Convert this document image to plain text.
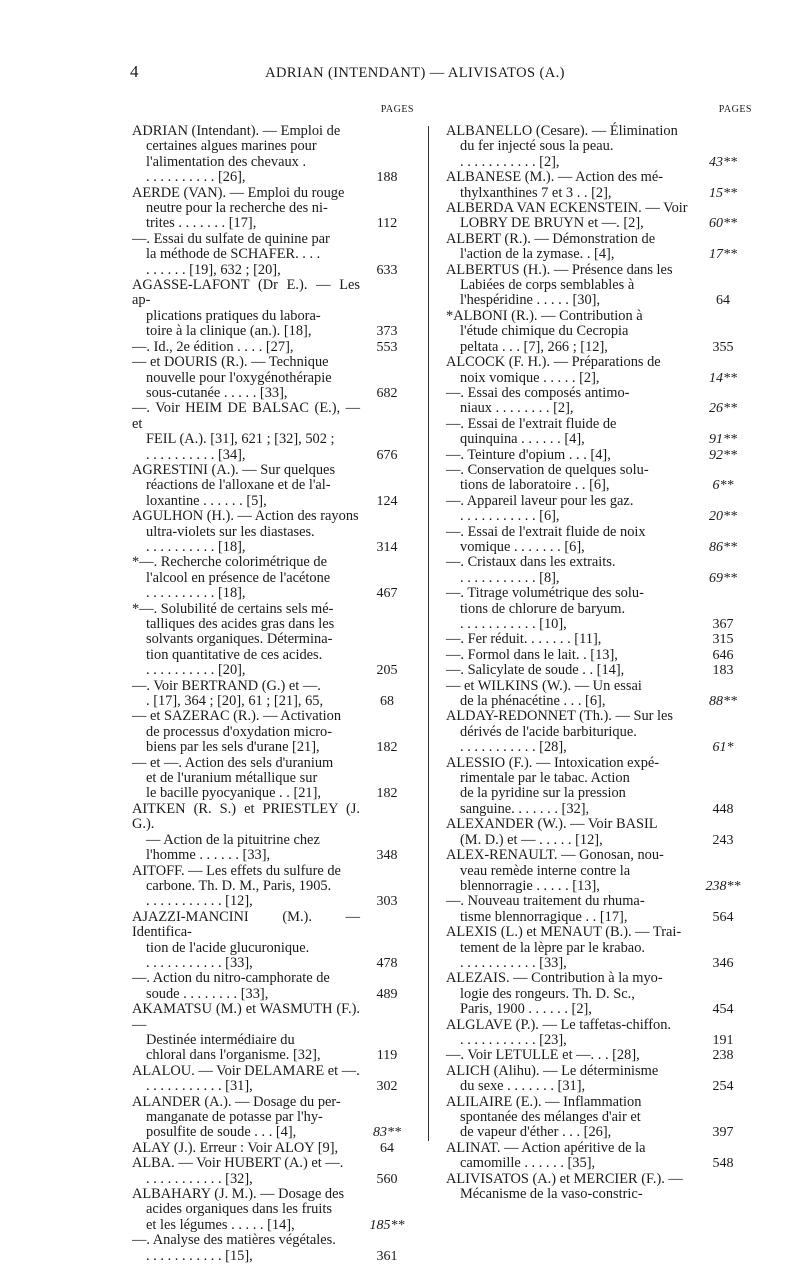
4	ADRIAN (INTENDANT) — ALIVISATOS (A.)
PAGES
ADRIAN (Intendant). — Emploi de
certaines algues marines pour
l'alimentation des chevaux .
. . . . . . . . . . [26],	188
AERDE (VAN). — Emploi du rouge
neutre pour la recherche des ni-
trites . . . . . . . [17],	112
—. Essai du sulfate de quinine par
la méthode de SCHAFER. . . .
. . . . . . [19], 632 ; [20],	633
AGASSE-LAFONT (Dr E.). — Les ap-
plications pratiques du labora-
toire à la clinique (an.). [18],	373
—. Id., 2e édition . . . . [27],	553
— et DOURIS (R.). — Technique
nouvelle pour l'oxygénothérapie
sous-cutanée . . . . . [33],	682
—. Voir HEIM DE BALSAC (E.), — et
FEIL (A.). [31], 621 ; [32], 502 ;
. . . . . . . . . . [34],	676
AGRESTINI (A.). — Sur quelques
réactions de l'alloxane et de l'al-
loxantine . . . . . . [5],	124
AGULHON (H.). — Action des rayons
ultra-violets sur les diastases.
. . . . . . . . . . [18],	314
*—. Recherche colorimétrique de
l'alcool en présence de l'acétone
. . . . . . . . . . [18],	467
*—. Solubilité de certains sels mé-
talliques des acides gras dans les
solvants organiques. Détermina-
tion quantitative de ces acides.
. . . . . . . . . . [20],	205
—. Voir BERTRAND (G.) et —.
. [17], 364 ; [20], 61 ; [21], 65,	68
— et SAZERAC (R.). — Activation
de processus d'oxydation micro-
biens par les sels d'urane [21],	182
— et —. Action des sels d'uranium
et de l'uranium métallique sur
le bacille pyocyanique . . [21],	182
AITKEN (R. S.) et PRIESTLEY (J. G.).
— Action de la pituitrine chez
l'homme . . . . . . [33],	348
AITOFF. — Les effets du sulfure de
carbone. Th. D. M., Paris, 1905.
. . . . . . . . . . . [12],	303
AJAZZI-MANCINI (M.). — Identifica-
tion de l'acide glucuronique.
. . . . . . . . . . . [33],	478
—. Action du nitro-camphorate de
soude . . . . . . . . [33],	489
AKAMATSU (M.) et WASMUTH (F.). —
Destinée intermédiaire du
chloral dans l'organisme. [32],	119
ALALOU. — Voir DELAMARE et —.
. . . . . . . . . . . [31],	302
ALANDER (A.). — Dosage du per-
manganate de potasse par l'hy-
posulfite de soude . . . [4],	83**
ALAY (J.). Erreur : Voir ALOY [9],	64
ALBA. — Voir HUBERT (A.) et —.
. . . . . . . . . . . [32],	560
ALBAHARY (J. M.). — Dosage des
acides organiques dans les fruits
et les légumes . . . . . [14],	185**
—. Analyse des matières végétales.
. . . . . . . . . . . [15],	361
PAGES
ALBANELLO (Cesare). — Élimination
du fer injecté sous la peau.
. . . . . . . . . . . [2],	43**
ALBANESE (M.). — Action des mé-
thylxanthines 7 et 3 . . [2],	15**
ALBERDA VAN ECKENSTEIN. — Voir
LOBRY DE BRUYN et —. [2],	60**
ALBERT (R.). — Démonstration de
l'action de la zymase. . [4],	17**
ALBERTUS (H.). — Présence dans les
Labiées de corps semblables à
l'hespéridine . . . . . [30],	64
*ALBONI (R.). — Contribution à
l'étude chimique du Cecropia
peltata . . . [7], 266 ; [12],	355
ALCOCK (F. H.). — Préparations de
noix vomique . . . . . [2],	14**
—. Essai des composés antimo-
niaux . . . . . . . . [2],	26**
—. Essai de l'extrait fluide de
quinquina . . . . . . [4],	91**
—. Teinture d'opium . . . [4],	92**
—. Conservation de quelques solu-
tions de laboratoire . . [6],	6**
—. Appareil laveur pour les gaz.
. . . . . . . . . . . [6],	20**
—. Essai de l'extrait fluide de noix
vomique . . . . . . . [6],	86**
—. Cristaux dans les extraits.
. . . . . . . . . . . [8],	69**
—. Titrage volumétrique des solu-
tions de chlorure de baryum.
. . . . . . . . . . . [10],	367
—. Fer réduit. . . . . . . [11],	315
—. Formol dans le lait. . [13],	646
—. Salicylate de soude . . [14],	183
— et WILKINS (W.). — Un essai
de la phénacétine . . . [6],	88**
ALDAY-REDONNET (Th.). — Sur les
dérivés de l'acide barbiturique.
. . . . . . . . . . . [28],	61*
ALESSIO (F.). — Intoxication expé-
rimentale par le tabac. Action
de la pyridine sur la pression
sanguine. . . . . . . [32],	448
ALEXANDER (W.). — Voir BASIL
(M. D.) et — . . . . . [12],	243
ALEX-RENAULT. — Gonosan, nou-
veau remède interne contre la
blennorragie . . . . . [13],	238**
—. Nouveau traitement du rhuma-
tisme blennorragique . . [17],	564
ALEXIS (L.) et MENAUT (B.). — Trai-
tement de la lèpre par le krabao.
. . . . . . . . . . . [33],	346
ALEZAIS. — Contribution à la myo-
logie des rongeurs. Th. D. Sc.,
Paris, 1900 . . . . . . [2],	454
ALGLAVE (P.). — Le taffetas-chiffon.
. . . . . . . . . . . [23],	191
—. Voir LETULLE et —. . . [28],	238
ALICH (Alihu). — Le déterminisme
du sexe . . . . . . . [31],	254
ALILAIRE (E.). — Inflammation
spontanée des mélanges d'air et
de vapeur d'éther . . . [26],	397
ALINAT. — Action apéritive de la
camomille . . . . . . [35],	548
ALIVISATOS (A.) et MERCIER (F.). —
Mécanisme de la vaso-constric-
